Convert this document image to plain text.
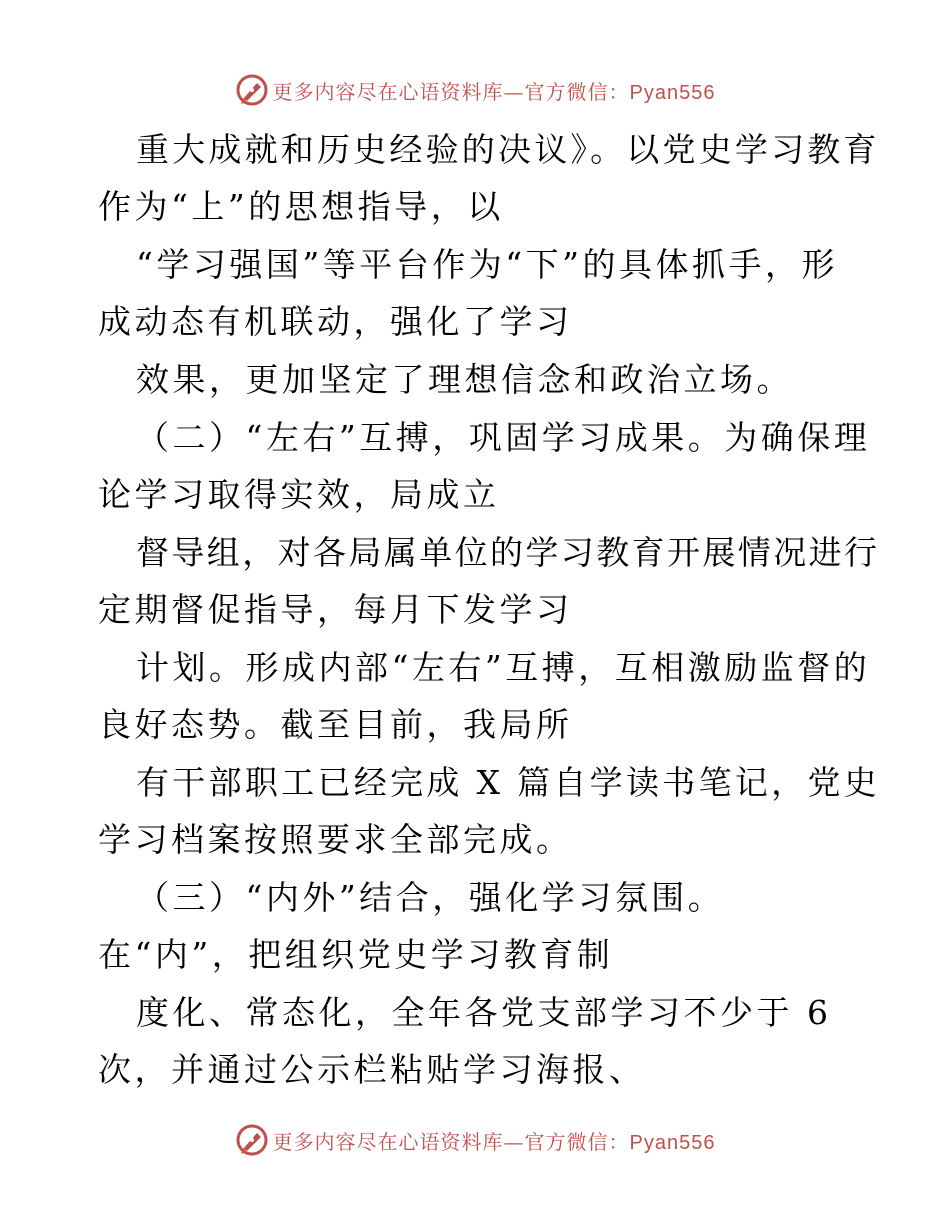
更多内容尽在心语资料库—官方微信：Pyan556
重大成就和历史经验的决议》。以党史学习教育
作为“上”的思想指导，以
“学习强国”等平台作为“下”的具体抓手，形
成动态有机联动，强化了学习
效果，更加坚定了理想信念和政治立场。
（二）“左右”互搏，巩固学习成果。为确保理
论学习取得实效，局成立
督导组，对各局属单位的学习教育开展情况进行
定期督促指导，每月下发学习
计划。形成内部“左右”互搏，互相激励监督的
良好态势。截至目前，我局所
有干部职工已经完成 X 篇自学读书笔记，党史
学习档案按照要求全部完成。
（三）“内外”结合，强化学习氛围。
在“内”，把组织党史学习教育制
度化、常态化，全年各党支部学习不少于 6
次，并通过公示栏粘贴学习海报、
更多内容尽在心语资料库—官方微信：Pyan556
